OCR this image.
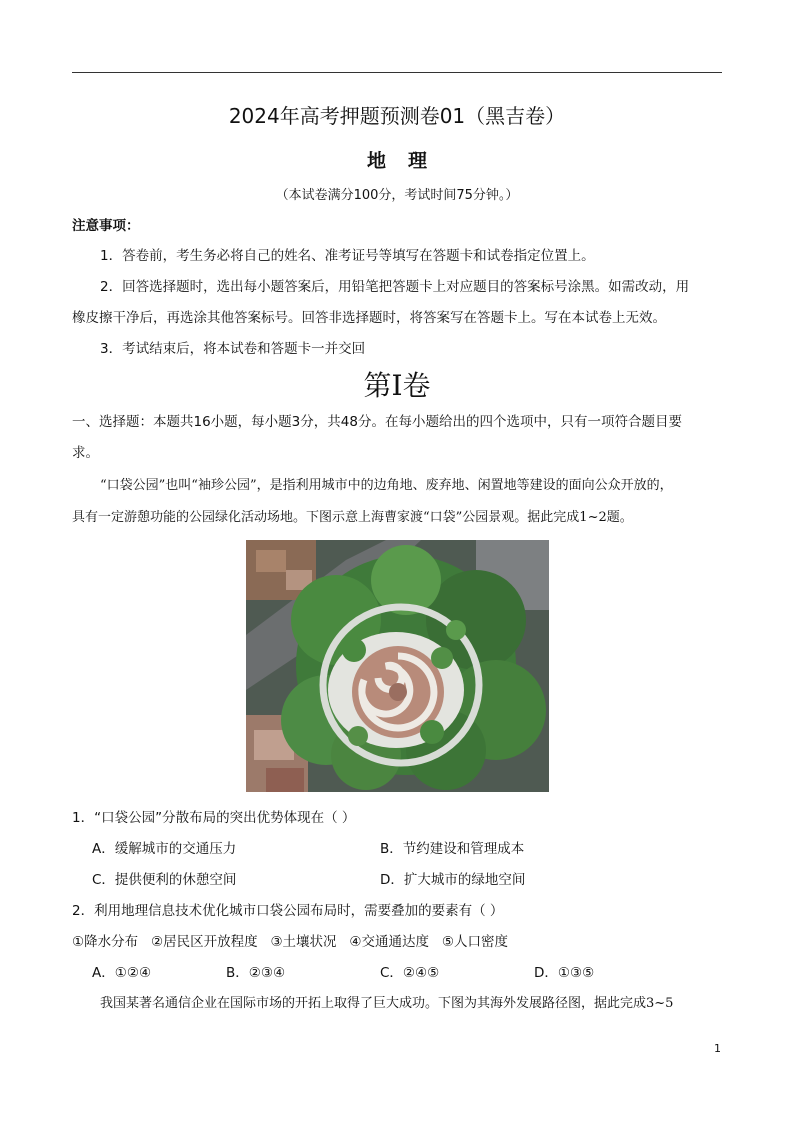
2024年高考押题预测卷01（黑吉卷）
地理
（本试卷满分100分，考试时间75分钟。）
注意事项：
1．答卷前，考生务必将自己的姓名、准考证号等填写在答题卡和试卷指定位置上。
2．回答选择题时，选出每小题答案后，用铅笔把答题卡上对应题目的答案标号涂黑。如需改动，用
橡皮擦干净后，再选涂其他答案标号。回答非选择题时，将答案写在答题卡上。写在本试卷上无效。
3．考试结束后，将本试卷和答题卡一并交回
第I卷
一、选择题：本题共16小题，每小题3分，共48分。在每小题给出的四个选项中，只有一项符合题目要
求。
“口袋公园”也叫“袖珍公园”，是指利用城市中的边角地、废弃地、闲置地等建设的面向公众开放的，
具有一定游憩功能的公园绿化活动场地。下图示意上海曹家渡“口袋”公园景观。据此完成1~2题。
1．“口袋公园”分散布局的突出优势体现在（ ）
A．缓解城市的交通压力	B．节约建设和管理成本
C．提供便利的休憩空间	D．扩大城市的绿地空间
2．利用地理信息技术优化城市口袋公园布局时，需要叠加的要素有（ ）
①降水分布   ②居民区开放程度   ③土壤状况   ④交通通达度   ⑤人口密度
A．①②④	B．②③④	C．②④⑤	D．①③⑤
我国某著名通信企业在国际市场的开拓上取得了巨大成功。下图为其海外发展路径图，据此完成3~5
1
